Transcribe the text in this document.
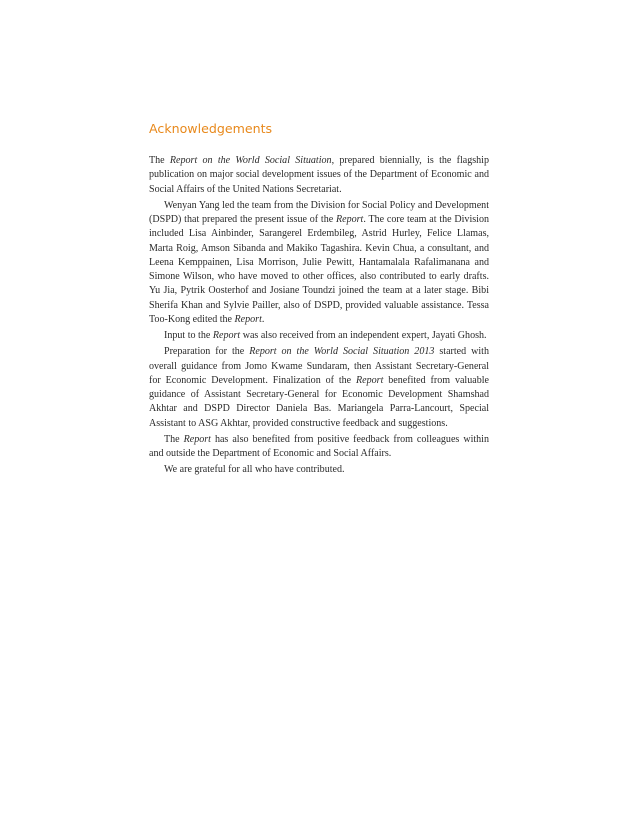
Acknowledgements

The Report on the World Social Situation, prepared biennially, is the flagship publication on major social development issues of the Department of Economic and Social Affairs of the United Nations Secretariat.

Wenyan Yang led the team from the Division for Social Policy and Development (DSPD) that prepared the present issue of the Report. The core team at the Division included Lisa Ainbinder, Sarangerel Erdembileg, Astrid Hurley, Felice Llamas, Marta Roig, Amson Sibanda and Makiko Tagashira. Kevin Chua, a consultant, and Leena Kemppainen, Lisa Morrison, Julie Pewitt, Hantamalala Rafalimanana and Simone Wilson, who have moved to other offices, also contributed to early drafts. Yu Jia, Pytrik Oosterhof and Josiane Toundzi joined the team at a later stage. Bibi Sherifa Khan and Sylvie Pailler, also of DSPD, provided valuable assistance. Tessa Too-Kong edited the Report.

Input to the Report was also received from an independent expert, Jayati Ghosh.

Preparation for the Report on the World Social Situation 2013 started with overall guidance from Jomo Kwame Sundaram, then Assistant Secretary-General for Economic Development. Finalization of the Report benefited from valuable guidance of Assistant Secretary-General for Economic Development Shamshad Akhtar and DSPD Director Daniela Bas. Mariangela Parra-Lancourt, Special Assistant to ASG Akhtar, provided constructive feedback and suggestions.

The Report has also benefited from positive feedback from colleagues within and outside the Department of Economic and Social Affairs.

We are grateful for all who have contributed.
